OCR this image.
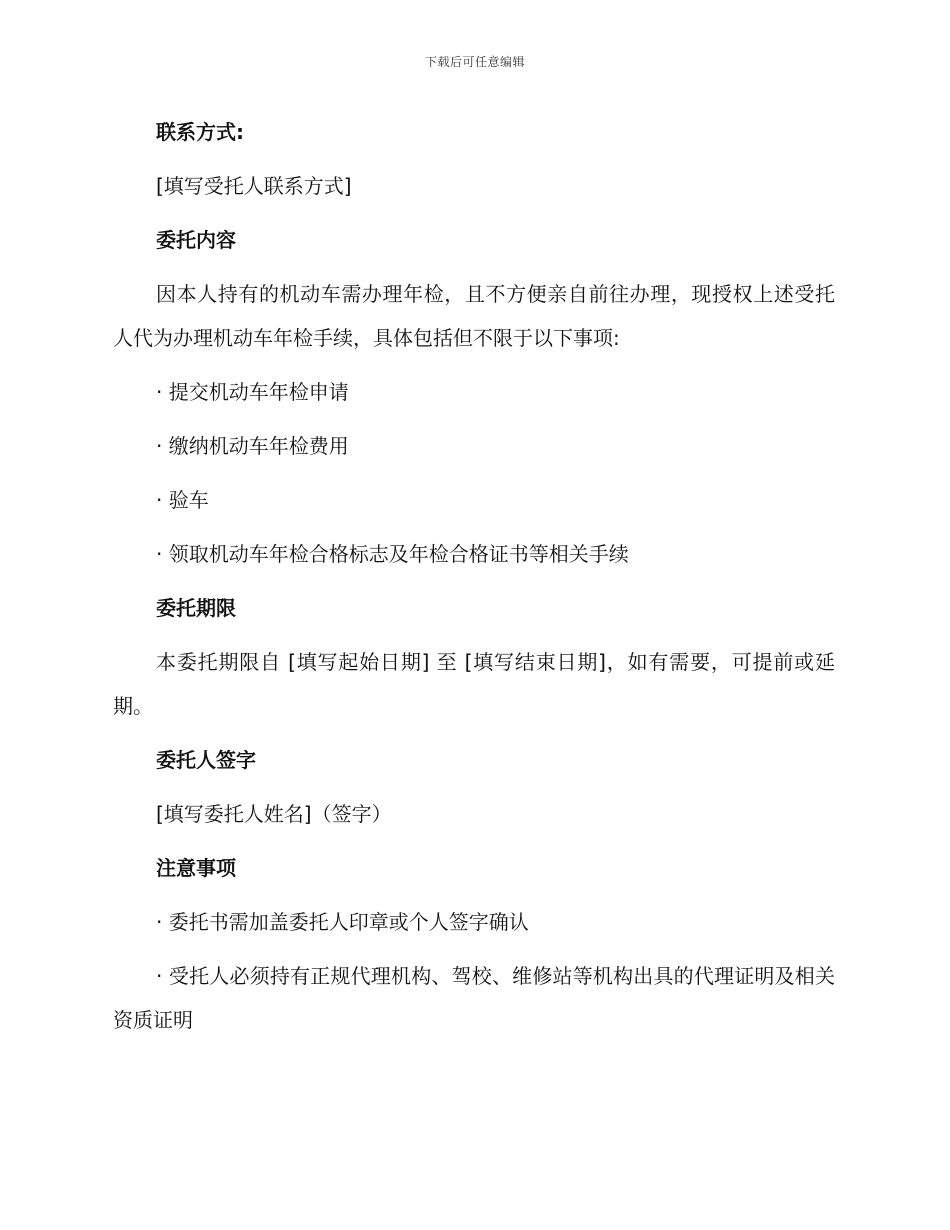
下载后可任意编辑

联系方式:

[填写受托人联系方式]

委托内容

因本人持有的机动车需办理年检，且不方便亲自前往办理，现授权上述受托人代为办理机动车年检手续，具体包括但不限于以下事项:

· 提交机动车年检申请

· 缴纳机动车年检费用

· 验车

· 领取机动车年检合格标志及年检合格证书等相关手续

委托期限

本委托期限自 [填写起始日期] 至 [填写结束日期]，如有需要，可提前或延期。

委托人签字

[填写委托人姓名]（签字）

注意事项

· 委托书需加盖委托人印章或个人签字确认

· 受托人必须持有正规代理机构、驾校、维修站等机构出具的代理证明及相关资质证明
